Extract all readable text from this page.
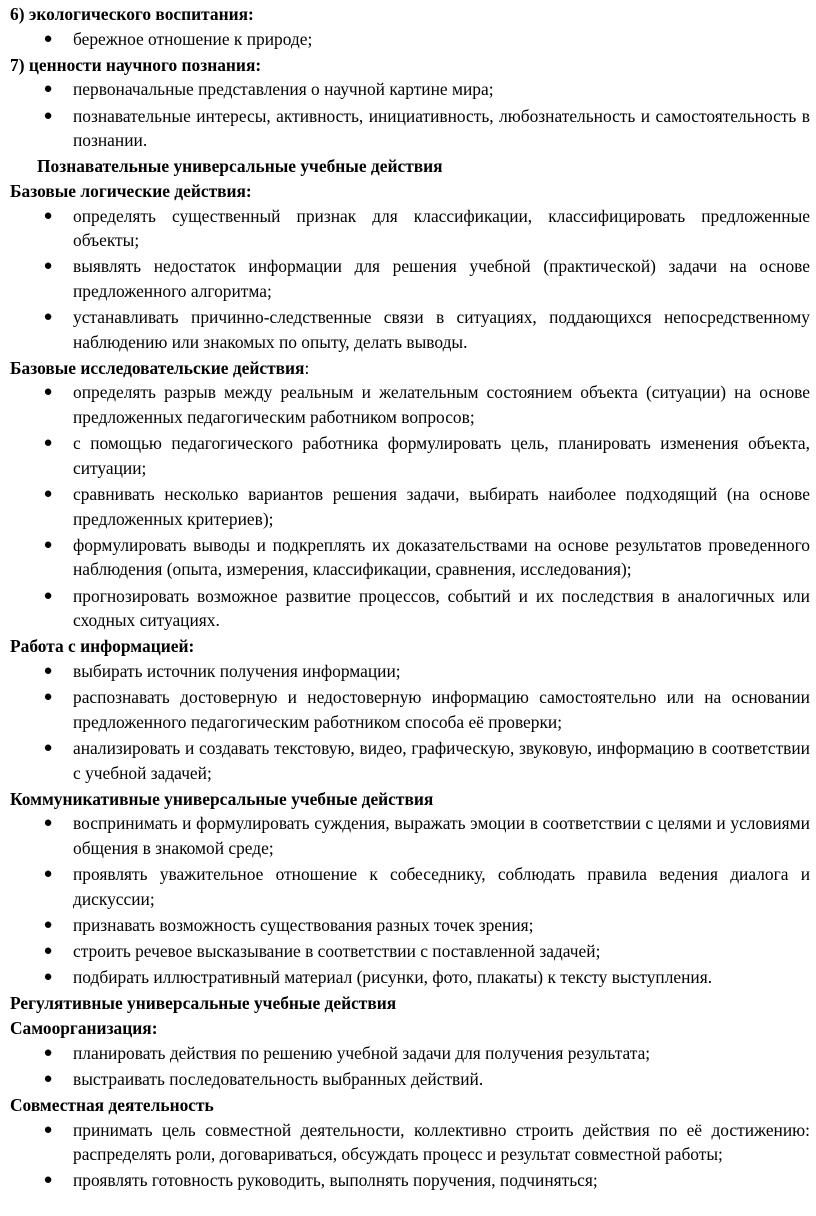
6) экологического воспитания:
● бережное отношение к природе;
7) ценности научного познания:
● первоначальные представления о научной картине мира;
● познавательные интересы, активность, инициативность, любознательность и самостоятельность в познании.
Познавательные универсальные учебные действия
Базовые логические действия:
● определять существенный признак для классификации, классифицировать предложенные объекты;
● выявлять недостаток информации для решения учебной (практической) задачи на основе предложенного алгоритма;
● устанавливать причинно-следственные связи в ситуациях, поддающихся непосредственному наблюдению или знакомых по опыту, делать выводы.
Базовые исследовательские действия:
● определять разрыв между реальным и желательным состоянием объекта (ситуации) на основе предложенных педагогическим работником вопросов;
● с помощью педагогического работника формулировать цель, планировать изменения объекта, ситуации;
● сравнивать несколько вариантов решения задачи, выбирать наиболее подходящий (на основе предложенных критериев);
● формулировать выводы и подкреплять их доказательствами на основе результатов проведенного наблюдения (опыта, измерения, классификации, сравнения, исследования);
● прогнозировать возможное развитие процессов, событий и их последствия в аналогичных или сходных ситуациях.
Работа с информацией:
● выбирать источник получения информации;
● распознавать достоверную и недостоверную информацию самостоятельно или на основании предложенного педагогическим работником способа её проверки;
● анализировать и создавать текстовую, видео, графическую, звуковую, информацию в соответствии с учебной задачей;
Коммуникативные универсальные учебные действия
● воспринимать и формулировать суждения, выражать эмоции в соответствии с целями и условиями общения в знакомой среде;
● проявлять уважительное отношение к собеседнику, соблюдать правила ведения диалога и дискуссии;
● признавать возможность существования разных точек зрения;
● строить речевое высказывание в соответствии с поставленной задачей;
● подбирать иллюстративный материал (рисунки, фото, плакаты) к тексту выступления.
Регулятивные универсальные учебные действия
Самоорганизация:
● планировать действия по решению учебной задачи для получения результата;
● выстраивать последовательность выбранных действий.
Совместная деятельность
● принимать цель совместной деятельности, коллективно строить действия по её достижению: распределять роли, договариваться, обсуждать процесс и результат совместной работы;
● проявлять готовность руководить, выполнять поручения, подчиняться;
